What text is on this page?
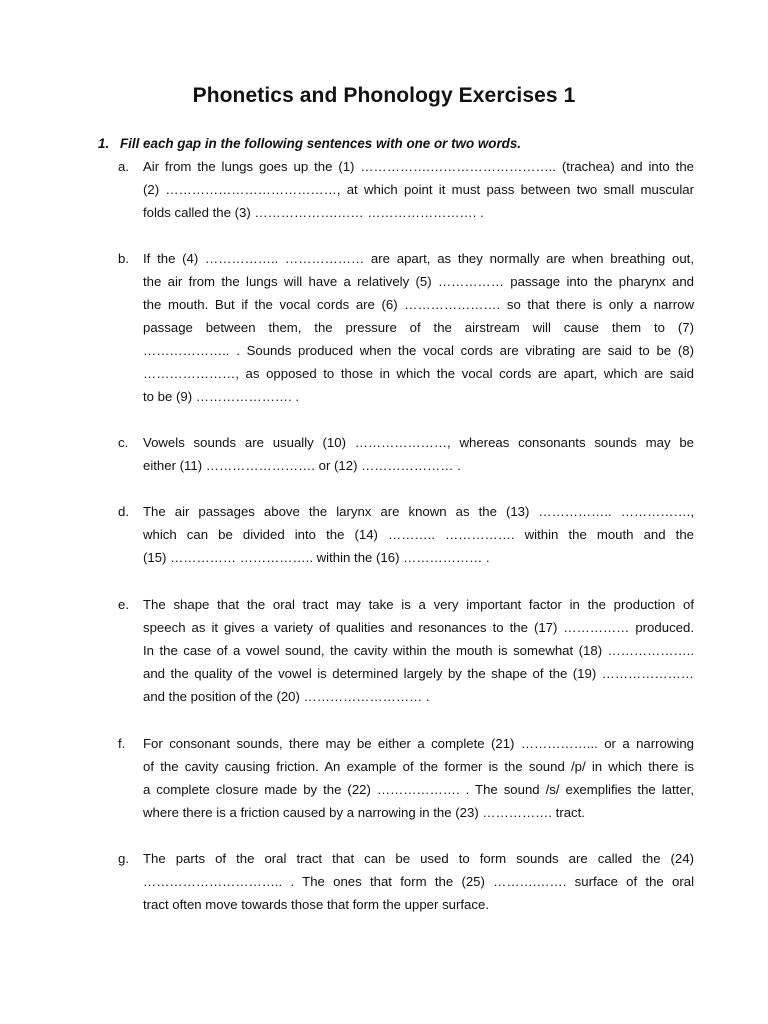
Phonetics and Phonology Exercises 1
1. Fill each gap in the following sentences with one or two words.
a. Air from the lungs goes up the (1) …………….……………………….. (trachea) and into the
(2) …………………………………, at which point it must pass between two small muscular
folds called the (3) ……………….…… ……………………. .
b. If the (4) …………….. ……………… are apart, as they normally are when breathing out,
the air from the lungs will have a relatively (5) …………… passage into the pharynx and
the mouth. But if the vocal cords are (6) …………………. so that there is only a narrow
passage between them, the pressure of the airstream will cause them to (7)
……………….. . Sounds produced when the vocal cords are vibrating are said to be (8)
…………………, as opposed to those in which the vocal cords are apart, which are said
to be (9) …………………. .
c. Vowels sounds are usually (10) …………………, whereas consonants sounds may be
either (11) ……………………. or (12) ………………… .
d. The air passages above the larynx are known as the (13) …………….. …………….,
which can be divided into the (14) ……….. ……………. within the mouth and the
(15) …………… …………….. within the (16) ……………… .
e. The shape that the oral tract may take is a very important factor in the production of
speech as it gives a variety of qualities and resonances to the (17) …………… produced.
In the case of a vowel sound, the cavity within the mouth is somewhat (18) ………………..
and the quality of the vowel is determined largely by the shape of the (19) …………………
and the position of the (20) ……………………… .
f. For consonant sounds, there may be either a complete (21) ……………... or a narrowing
of the cavity causing friction. An example of the former is the sound /p/ in which there is
a complete closure made by the (22) ………………. . The sound /s/ exemplifies the latter,
where there is a friction caused by a narrowing in the (23) ……………. tract.
g. The parts of the oral tract that can be used to form sounds are called the (24)
………………………….. . The ones that form the (25) ……….……. surface of the oral
tract often move towards those that form the upper surface.
